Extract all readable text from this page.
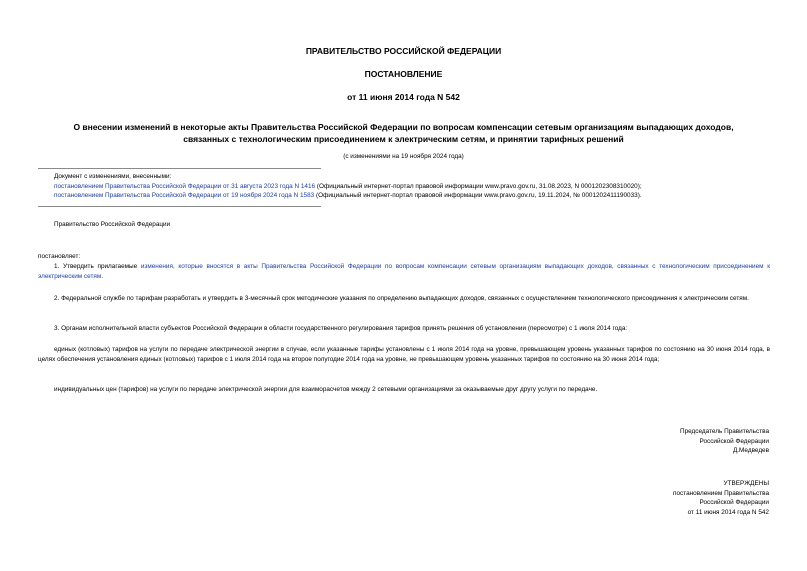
ПРАВИТЕЛЬСТВО РОССИЙСКОЙ ФЕДЕРАЦИИ
ПОСТАНОВЛЕНИЕ
от 11 июня 2014 года N 542
О внесении изменений в некоторые акты Правительства Российской Федерации по вопросам компенсации сетевым организациям выпадающих доходов,
связанных с технологическим присоединением к электрическим сетям, и принятии тарифных решений
(с изменениями на 19 ноября 2024 года)
Документ с изменениями, внесенными:
постановлением Правительства Российской Федерации от 31 августа 2023 года N 1416 (Официальный интернет-портал правовой информации www.pravo.gov.ru, 31.08.2023, N 0001202308310020);
постановлением Правительства Российской Федерации от 19 ноября 2024 года N 1583 (Официальный интернет-портал правовой информации www.pravo.gov.ru, 19.11.2024, № 0001202411190033).
Правительство Российской Федерации
постановляет:
1. Утвердить прилагаемые изменения, которые вносятся в акты Правительства Российской Федерации по вопросам компенсации сетевым организациям выпадающих доходов, связанных с технологическим присоединением к электрическим сетям.
2. Федеральной службе по тарифам разработать и утвердить в 3-месячный срок методические указания по определению выпадающих доходов, связанных с осуществлением технологического присоединения к электрическим сетям.
3. Органам исполнительной власти субъектов Российской Федерации в области государственного регулирования тарифов принять решения об установлении (пересмотре) с 1 июля 2014 года:
единых (котловых) тарифов на услуги по передаче электрической энергии в случае, если указанные тарифы установлены с 1 июля 2014 года на уровне, превышающем уровень указанных тарифов по состоянию на 30 июня 2014 года, в целях обеспечения установления единых (котловых) тарифов с 1 июля 2014 года на второе полугодие 2014 года на уровне, не превышающем уровень указанных тарифов по состоянию на 30 июня 2014 года;
индивидуальных цен (тарифов) на услуги по передаче электрической энергии для взаиморасчетов между 2 сетевыми организациями за оказываемые друг другу услуги по передаче.
Председатель Правительства
Российской Федерации
Д.Медведев
УТВЕРЖДЕНЫ
постановлением Правительства
Российской Федерации
от 11 июня 2014 года N 542
